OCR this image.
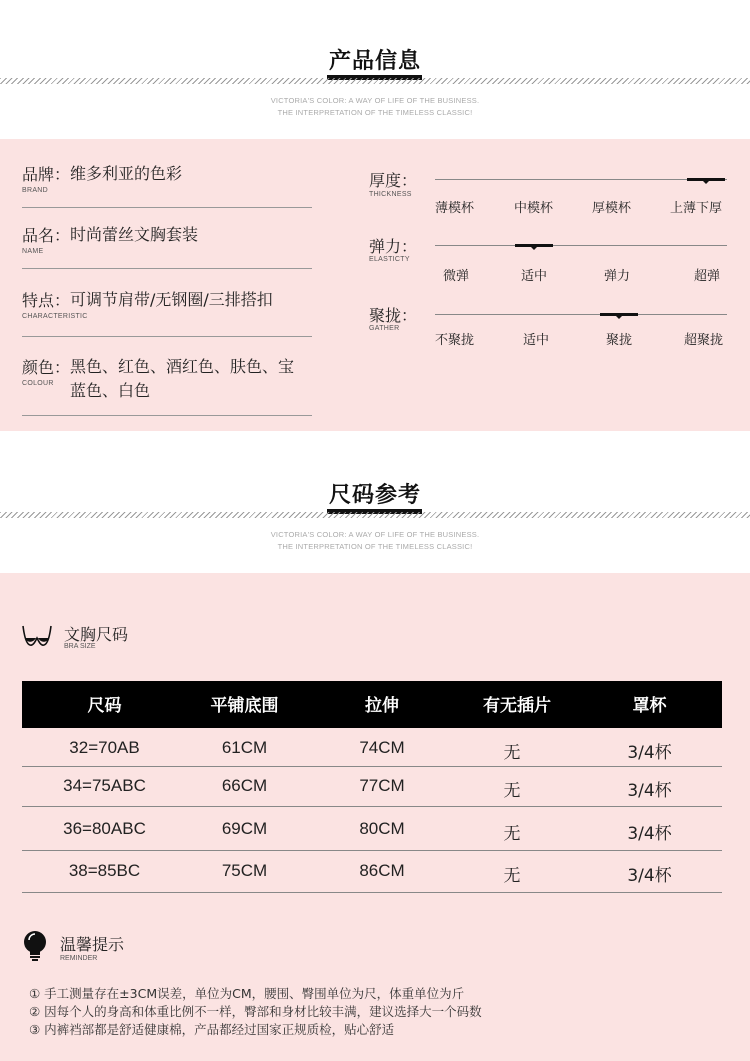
产品信息
VICTORIA'S COLOR: A WAY OF LIFE OF THE BUSINESS.
THE INTERPRETATION OF THE TIMELESS CLASSIC!
品牌： 维多利亚的色彩
BRAND
品名： 时尚蕾丝文胸套装
NAME
特点： 可调节肩带/无钢圈/三排搭扣
CHARACTERISTIC
颜色： 黑色、红色、酒红色、肤色、宝蓝色、白色
COLOUR
厚度：
THICKNESS
薄模杯	中模杯	厚模杯	上薄下厚
弹力：
ELASTICTY
微弹	适中	弹力	超弹
聚拢：
GATHER
不聚拢	适中	聚拢	超聚拢
尺码参考
VICTORIA'S COLOR: A WAY OF LIFE OF THE BUSINESS.
THE INTERPRETATION OF THE TIMELESS CLASSIC!
文胸尺码
BRA SIZE
尺码	平铺底围	拉伸	有无插片	罩杯
32=70AB	61CM	74CM	无	3/4杯
34=75ABC	66CM	77CM	无	3/4杯
36=80ABC	69CM	80CM	无	3/4杯
38=85BC	75CM	86CM	无	3/4杯
温馨提示
REMINDER
① 手工测量存在±3CM误差，单位为CM，腰围、臀围单位为尺，体重单位为斤
② 因每个人的身高和体重比例不一样，臀部和身材比较丰满，建议选择大一个码数
③ 内裤裆部都是舒适健康棉，产品都经过国家正规质检，贴心舒适
